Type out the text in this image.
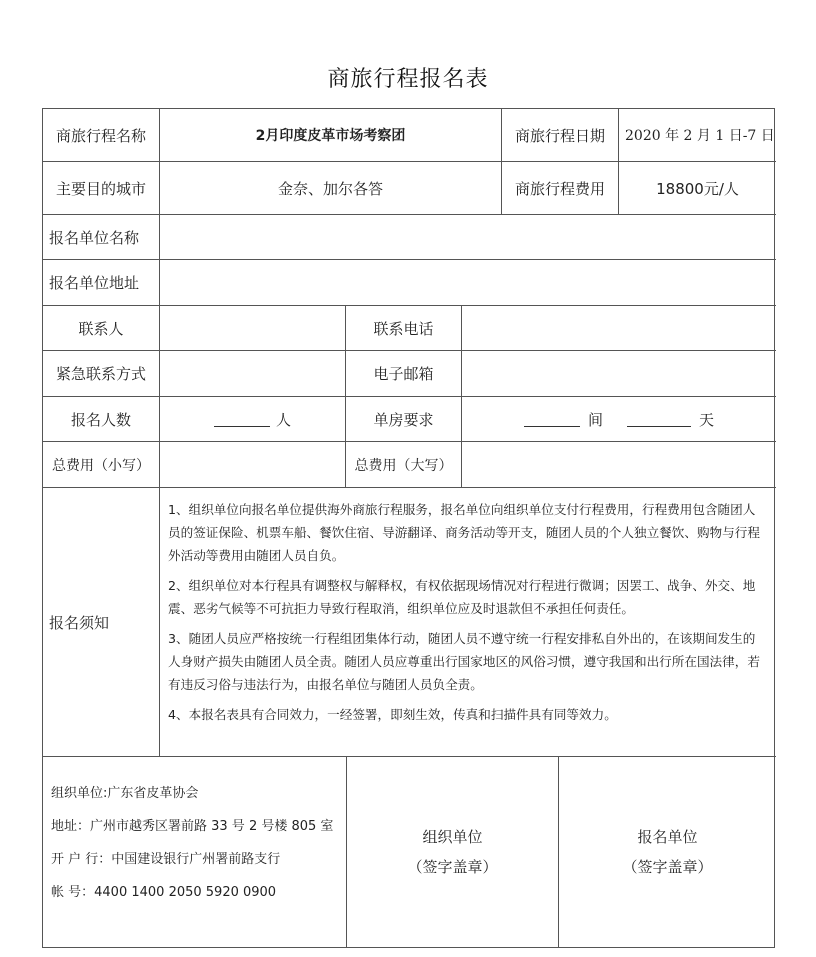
商旅行程报名表
商旅行程名称	2月印度皮革市场考察团	商旅行程日期	2020 年 2 月 1 日-7 日
主要目的城市	金奈、加尔各答	商旅行程费用	18800元/人
报名单位名称
报名单位地址
联系人	联系电话
紧急联系方式	电子邮箱
报名人数	人	单房要求	间	天
总费用（小写）	总费用（大写）
报名须知

1、组织单位向报名单位提供海外商旅行程服务，报名单位向组织单位支付行程费用，行程费用包含随团人员的签证保险、机票车船、餐饮住宿、导游翻译、商务活动等开支，随团人员的个人独立餐饮、购物与行程外活动等费用由随团人员自负。

2、组织单位对本行程具有调整权与解释权，有权依据现场情况对行程进行微调；因罢工、战争、外交、地震、恶劣气候等不可抗拒力导致行程取消，组织单位应及时退款但不承担任何责任。

3、随团人员应严格按统一行程组团集体行动，随团人员不遵守统一行程安排私自外出的，在该期间发生的人身财产损失由随团人员全责。随团人员应尊重出行国家地区的风俗习惯，遵守我国和出行所在国法律，若有违反习俗与违法行为，由报名单位与随团人员负全责。

4、本报名表具有合同效力，一经签署，即刻生效，传真和扫描件具有同等效力。

组织单位:广东省皮革协会
地址：广州市越秀区署前路 33 号 2 号楼 805 室
开 户 行：中国建设银行广州署前路支行
帐 号：4400 1400 2050 5920 0900
组织单位
（签字盖章）
报名单位
（签字盖章）
